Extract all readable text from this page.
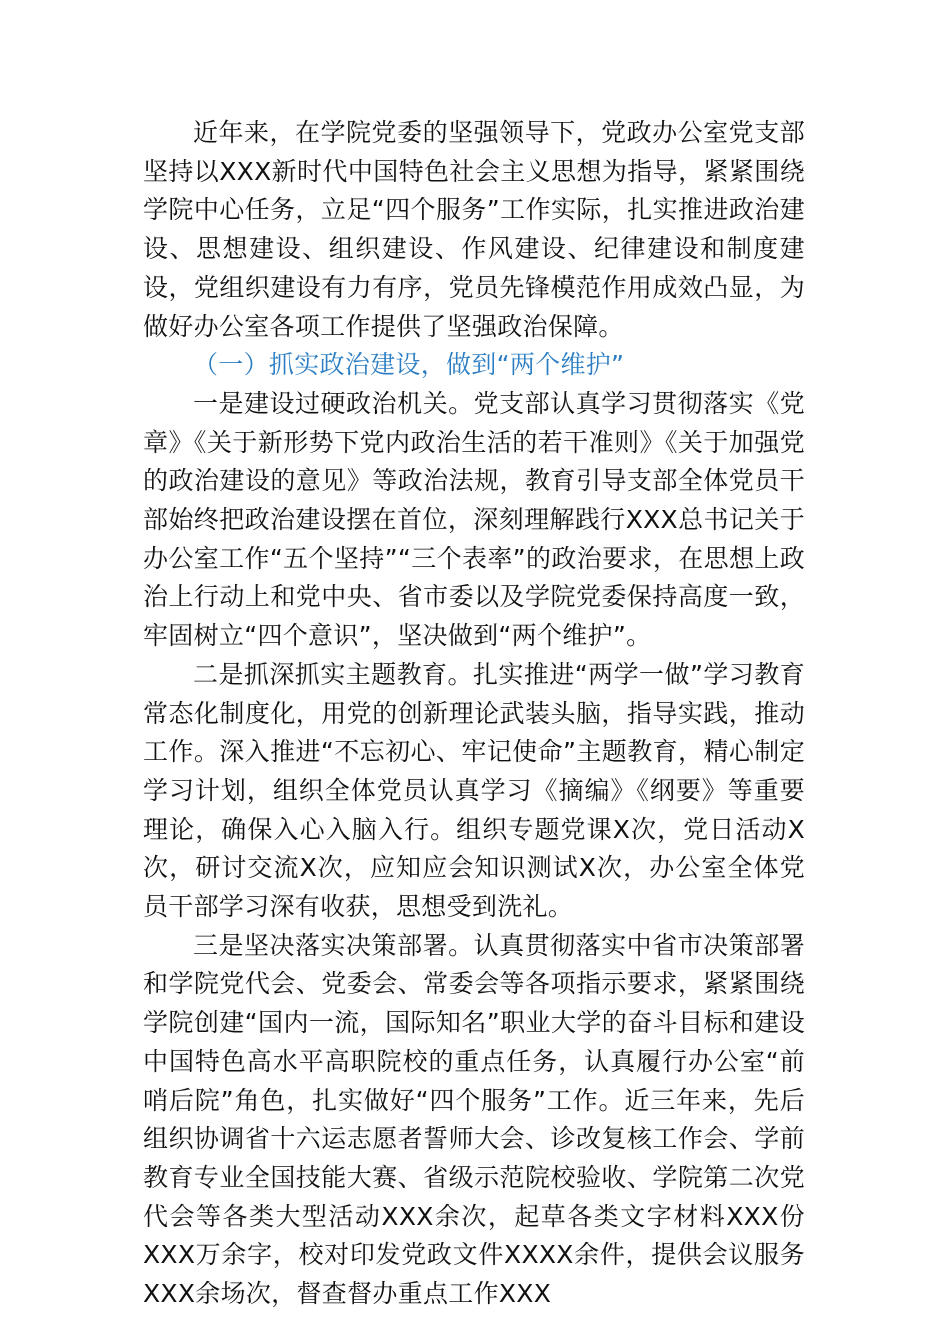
近年来，在学院党委的坚强领导下，党政办公室党支部坚持以XXX新时代中国特色社会主义思想为指导，紧紧围绕学院中心任务，立足“四个服务”工作实际，扎实推进政治建设、思想建设、组织建设、作风建设、纪律建设和制度建设，党组织建设有力有序，党员先锋模范作用成效凸显，为做好办公室各项工作提供了坚强政治保障。

（一）抓实政治建设，做到“两个维护”

一是建设过硬政治机关。党支部认真学习贯彻落实《党章》《关于新形势下党内政治生活的若干准则》《关于加强党的政治建设的意见》等政治法规，教育引导支部全体党员干部始终把政治建设摆在首位，深刻理解践行XXX总书记关于办公室工作“五个坚持”“三个表率”的政治要求，在思想上政治上行动上和党中央、省市委以及学院党委保持高度一致，牢固树立“四个意识”，坚决做到“两个维护”。

二是抓深抓实主题教育。扎实推进“两学一做”学习教育常态化制度化，用党的创新理论武装头脑，指导实践，推动工作。深入推进“不忘初心、牢记使命”主题教育，精心制定学习计划，组织全体党员认真学习《摘编》《纲要》等重要理论，确保入心入脑入行。组织专题党课X次，党日活动X次，研讨交流X次，应知应会知识测试X次，办公室全体党员干部学习深有收获，思想受到洗礼。

三是坚决落实决策部署。认真贯彻落实中省市决策部署和学院党代会、党委会、常委会等各项指示要求，紧紧围绕学院创建“国内一流，国际知名”职业大学的奋斗目标和建设中国特色高水平高职院校的重点任务，认真履行办公室“前哨后院”角色，扎实做好“四个服务”工作。近三年来，先后组织协调省十六运志愿者誓师大会、诊改复核工作会、学前教育专业全国技能大赛、省级示范院校验收、学院第二次党代会等各类大型活动XXX余次，起草各类文字材料XXX份XXX万余字，校对印发党政文件XXXX余件，提供会议服务XXX余场次，督查督办重点工作XXX
